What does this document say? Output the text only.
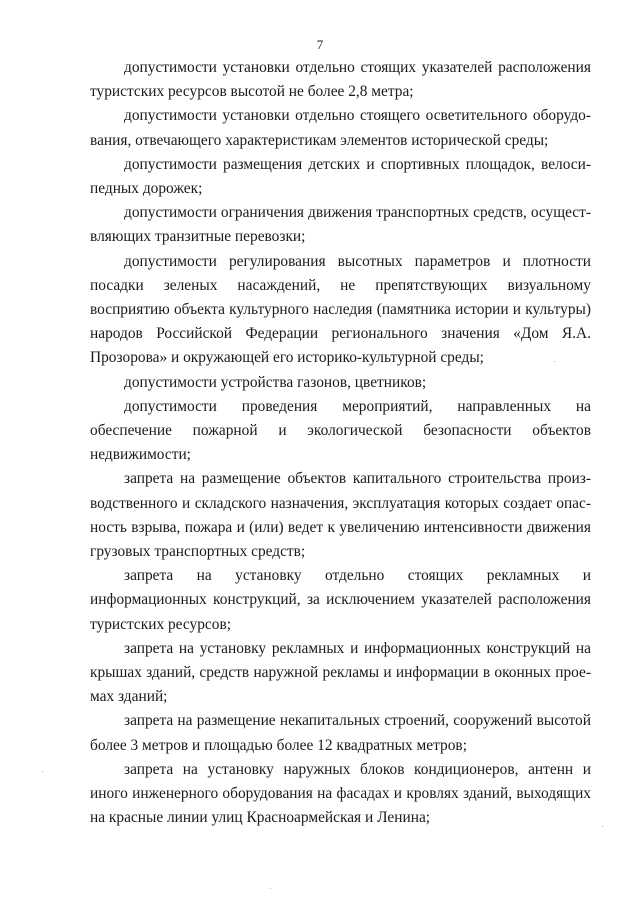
7

допустимости установки отдельно стоящих указателей расположения туристских ресурсов высотой не более 2,8 метра;

допустимости установки отдельно стоящего осветительного оборудования, отвечающего характеристикам элементов исторической среды;

допустимости размещения детских и спортивных площадок, велосипедных дорожек;

допустимости ограничения движения транспортных средств, осуществляющих транзитные перевозки;

допустимости регулирования высотных параметров и плотности посадки зеленых насаждений, не препятствующих визуальному восприятию объекта культурного наследия (памятника истории и культуры) народов Российской Федерации регионального значения «Дом Я.А. Прозорова» и окружающей его историко-культурной среды;

допустимости устройства газонов, цветников;

допустимости проведения мероприятий, направленных на обеспечение пожарной и экологической безопасности объектов недвижимости;

запрета на размещение объектов капитального строительства производственного и складского назначения, эксплуатация которых создает опасность взрыва, пожара и (или) ведет к увеличению интенсивности движения грузовых транспортных средств;

запрета на установку отдельно стоящих рекламных и информационных конструкций, за исключением указателей расположения туристских ресурсов;

запрета на установку рекламных и информационных конструкций на крышах зданий, средств наружной рекламы и информации в оконных проемах зданий;

запрета на размещение некапитальных строений, сооружений высотой более 3 метров и площадью более 12 квадратных метров;

запрета на установку наружных блоков кондиционеров, антенн и иного инженерного оборудования на фасадах и кровлях зданий, выходящих на красные линии улиц Красноармейская и Ленина;
